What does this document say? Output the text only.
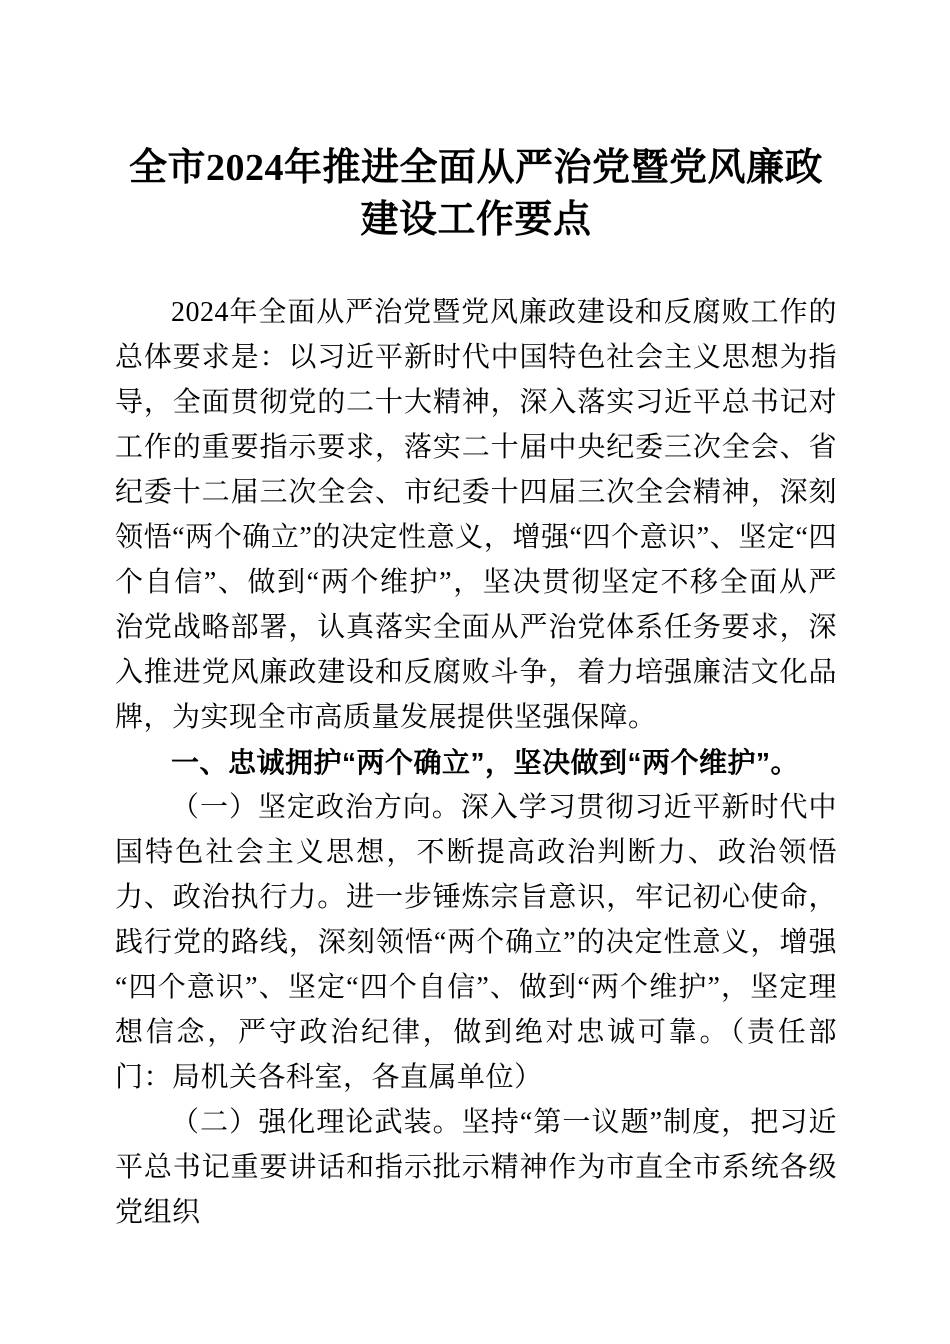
全市2024年推进全面从严治党暨党风廉政建设工作要点

2024年全面从严治党暨党风廉政建设和反腐败工作的总体要求是：以习近平新时代中国特色社会主义思想为指导，全面贯彻党的二十大精神，深入落实习近平总书记对工作的重要指示要求，落实二十届中央纪委三次全会、省纪委十二届三次全会、市纪委十四届三次全会精神，深刻领悟“两个确立”的决定性意义，增强“四个意识”、坚定“四个自信”、做到“两个维护”，坚决贯彻坚定不移全面从严治党战略部署，认真落实全面从严治党体系任务要求，深入推进党风廉政建设和反腐败斗争，着力培强廉洁文化品牌，为实现全市高质量发展提供坚强保障。

一、忠诚拥护“两个确立”，坚决做到“两个维护”。

（一）坚定政治方向。深入学习贯彻习近平新时代中国特色社会主义思想，不断提高政治判断力、政治领悟力、政治执行力。进一步锤炼宗旨意识，牢记初心使命，践行党的路线，深刻领悟“两个确立”的决定性意义，增强“四个意识”、坚定“四个自信”、做到“两个维护”，坚定理想信念，严守政治纪律，做到绝对忠诚可靠。（责任部门：局机关各科室，各直属单位）

（二）强化理论武装。坚持“第一议题”制度，把习近平总书记重要讲话和指示批示精神作为市直全市系统各级党组织
